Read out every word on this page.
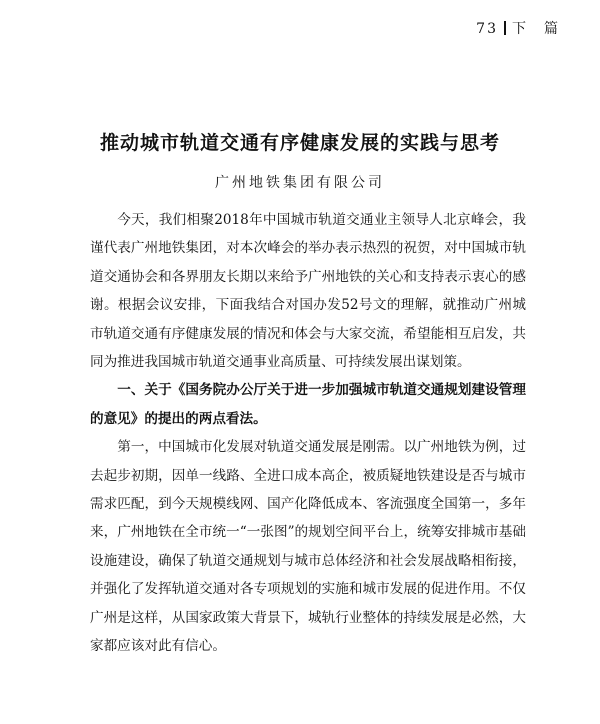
73 下　篇
推动城市轨道交通有序健康发展的实践与思考
广州地铁集团有限公司

今天，我们相聚2018年中国城市轨道交通业主领导人北京峰会，我谨代表广州地铁集团，对本次峰会的举办表示热烈的祝贺，对中国城市轨道交通协会和各界朋友长期以来给予广州地铁的关心和支持表示衷心的感谢。根据会议安排，下面我结合对国办发52号文的理解，就推动广州城市轨道交通有序健康发展的情况和体会与大家交流，希望能相互启发，共同为推进我国城市轨道交通事业高质量、可持续发展出谋划策。

一、关于《国务院办公厅关于进一步加强城市轨道交通规划建设管理的意见》的提出的两点看法。

第一，中国城市化发展对轨道交通发展是刚需。以广州地铁为例，过去起步初期，因单一线路、全进口成本高企，被质疑地铁建设是否与城市需求匹配，到今天规模线网、国产化降低成本、客流强度全国第一，多年来，广州地铁在全市统一“一张图”的规划空间平台上，统筹安排城市基础设施建设，确保了轨道交通规划与城市总体经济和社会发展战略相衔接，并强化了发挥轨道交通对各专项规划的实施和城市发展的促进作用。不仅广州是这样，从国家政策大背景下，城轨行业整体的持续发展是必然，大家都应该对此有信心。
